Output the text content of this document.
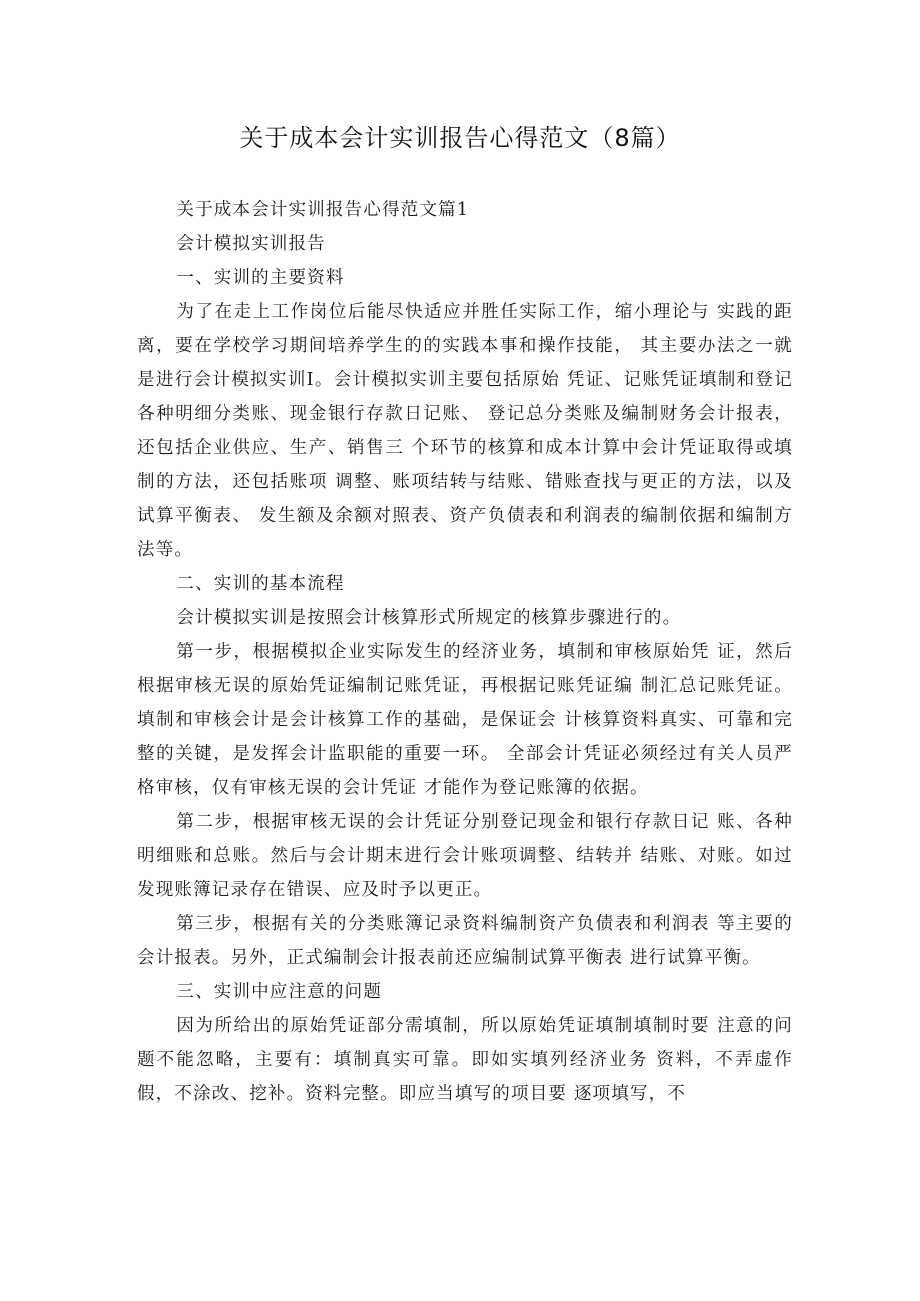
关于成本会计实训报告心得范文（8篇）

关于成本会计实训报告心得范文篇1

会计模拟实训报告

一、实训的主要资料

为了在走上工作岗位后能尽快适应并胜任实际工作，缩小理论与 实践的距离，要在学校学习期间培养学生的的实践本事和操作技能， 其主要办法之一就是进行会计模拟实训I。会计模拟实训主要包括原始 凭证、记账凭证填制和登记各种明细分类账、现金银行存款日记账、 登记总分类账及编制财务会计报表，还包括企业供应、生产、销售三 个环节的核算和成本计算中会计凭证取得或填制的方法，还包括账项 调整、账项结转与结账、错账查找与更正的方法，以及试算平衡表、 发生额及余额对照表、资产负债表和利润表的编制依据和编制方法等。

二、实训的基本流程

会计模拟实训是按照会计核算形式所规定的核算步骤进行的。

第一步，根据模拟企业实际发生的经济业务，填制和审核原始凭 证，然后根据审核无误的原始凭证编制记账凭证，再根据记账凭证编 制汇总记账凭证。填制和审核会计是会计核算工作的基础，是保证会 计核算资料真实、可靠和完整的关键，是发挥会计监职能的重要一环。 全部会计凭证必须经过有关人员严格审核，仅有审核无误的会计凭证 才能作为登记账簿的依据。

第二步，根据审核无误的会计凭证分别登记现金和银行存款日记 账、各种明细账和总账。然后与会计期末进行会计账项调整、结转并 结账、对账。如过发现账簿记录存在错误、应及时予以更正。

第三步，根据有关的分类账簿记录资料编制资产负债表和利润表 等主要的会计报表。另外，正式编制会计报表前还应编制试算平衡表 进行试算平衡。

三、实训中应注意的问题

因为所给出的原始凭证部分需填制，所以原始凭证填制填制时要 注意的问题不能忽略，主要有：填制真实可靠。即如实填列经济业务 资料，不弄虚作假，不涂改、挖补。资料完整。即应当填写的项目要 逐项填写，不
